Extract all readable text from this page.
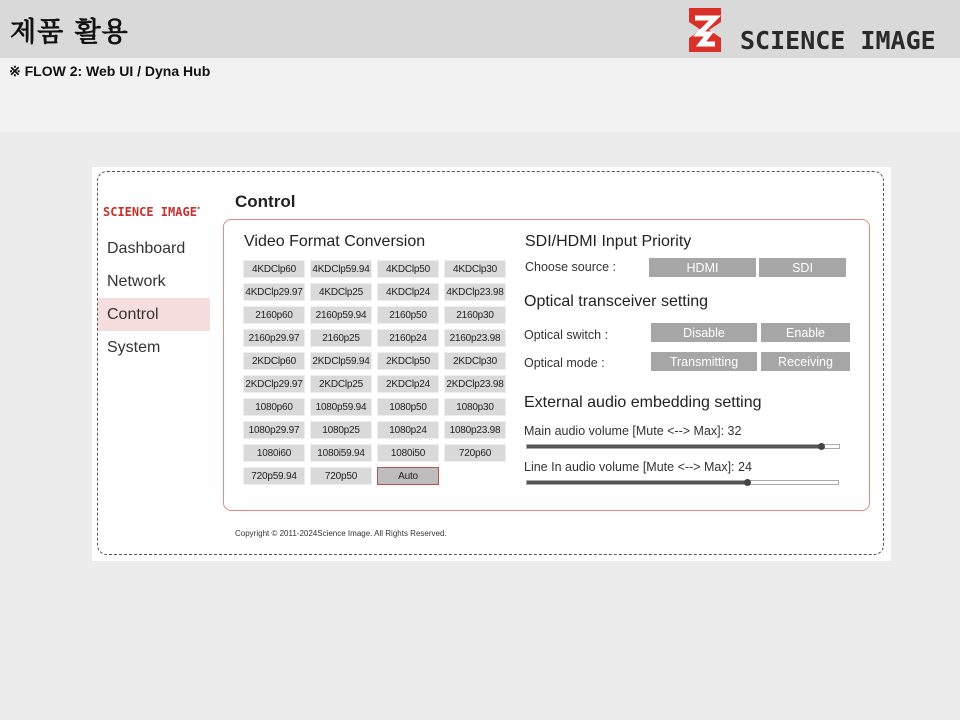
제품 활용	SCIENCE IMAGE
※ FLOW 2: Web UI / Dyna Hub
SCIENCE IMAGE*
Dashboard
Network
Control
System
Control
Video Format Conversion
4KDClp60	4KDClp59.94	4KDClp50	4KDClp30
4KDClp29.97	4KDClp25	4KDClp24	4KDClp23.98
2160p60	2160p59.94	2160p50	2160p30
2160p29.97	2160p25	2160p24	2160p23.98
2KDClp60	2KDClp59.94	2KDClp50	2KDClp30
2KDClp29.97	2KDClp25	2KDClp24	2KDClp23.98
1080p60	1080p59.94	1080p50	1080p30
1080p29.97	1080p25	1080p24	1080p23.98
1080i60	1080i59.94	1080i50	720p60
720p59.94	720p50	Auto
SDI/HDMI Input Priority
Choose source :	HDMI	SDI
Optical transceiver setting
Optical switch :	Disable	Enable
Optical mode :	Transmitting	Receiving
External audio embedding setting
Main audio volume [Mute <--> Max]: 32
Line In audio volume [Mute <--> Max]: 24
Copyright © 2011-2024Science Image. All Rights Reserved.
